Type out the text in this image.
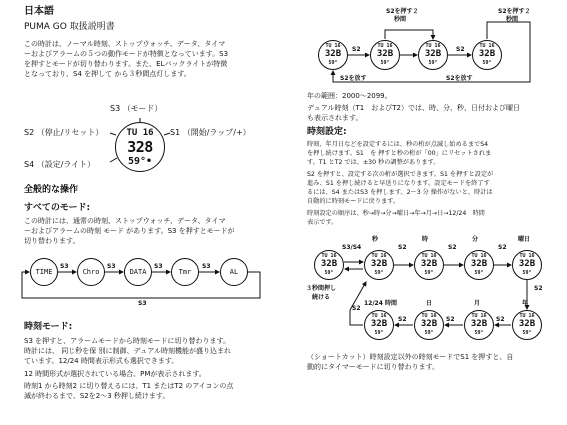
日本語
PUMA GO 取扱説明書
この時計は、ノーマル時刻、ストップウォッチ、データ、タイマ
ーおよびアラームの５つの動作モードが特徴となっています。S3
を押すとモードが切り替わります。また、ELバックライトが特徴
となっており、S4 を押して から３秒間点灯します。
S3 （モード）
S2 （停止/リセット）	S1 （開始/ラップ/+）
S4 （設定/ライト）
TU 16
328
59°•
全般的な操作
すべてのモード:
この時計には、通常の時刻、ストップウォッチ、データ、タイマ
ーおよびアラームの時刻 モード があります。S3 を押すとモードが
切り替わります。
TIME	Chro	DATA	Tmr	AL
S3	S3	S3	S3
S3
時刻モード:
S3 を押すと、アラームモードから時刻モードに切り替わります。
時計には、 同じ秒を保 別に制御、デュアル時刻機能が盛り込まれ
ています。12/24 時間表示形式も選択できます。
12 時間形式が選択されている場合、PMが表示されます。
時刻1 から時刻2 に切り替えるには、T1 またはT2 のアイコンの点
滅が終わるまで、S2を2～3 秒押し続けます。
TU 16
32B
59°
TU 16
32B
59°
TU 16
32B
59°
TU 16
32B
59°
S2を押す２
秒間
S2を押す２
秒間
S2を放す	S2を放す
S2	S2
年の範囲：2000～2099。
デュアル時刻（T1　およびT2）では、時、分、秒、日付および曜日
も表示されます。
時刻設定:
時刻、年月日などを設定するには、秒の桁が点滅し始めるまでS4
を押し続けます。S1　を 押すと秒の桁が「00」にリセットされま
す。T1 とT2 では、±30 秒の調整があります。
S2 を押すと、設定する次の桁が選択できます。S1 を押すと設定が
進み、S1 を押し続けると早送りになります。設定モードを終了す
るには、S4 またはS3 を押します。2～3 分 操作がないと、時計は
自動的に時刻モードに戻ります。
時刻設定の順序は、秒→時→分→曜日→年→月→日→12/24　時間
表示です。
S3/S4
秒	時	分	曜日
３秒間押し
続ける
12/24 時間	日	月	年
TU 16
32B
59°
TU 16
32B
59°
TU 16
32B
59°
TU 16
32B
59°
TU 16
32B
59°
TU 16
32B
59°
TU 16
32B
59°
TU 16
32B
59°
TU 16
32B
59°
S2	S2	S2
S2
S2
S2
S2
S2
（ショートカット）時刻設定以外の時刻モードでS1 を押すと、自
動的にタイマーモードに切り替わります。
